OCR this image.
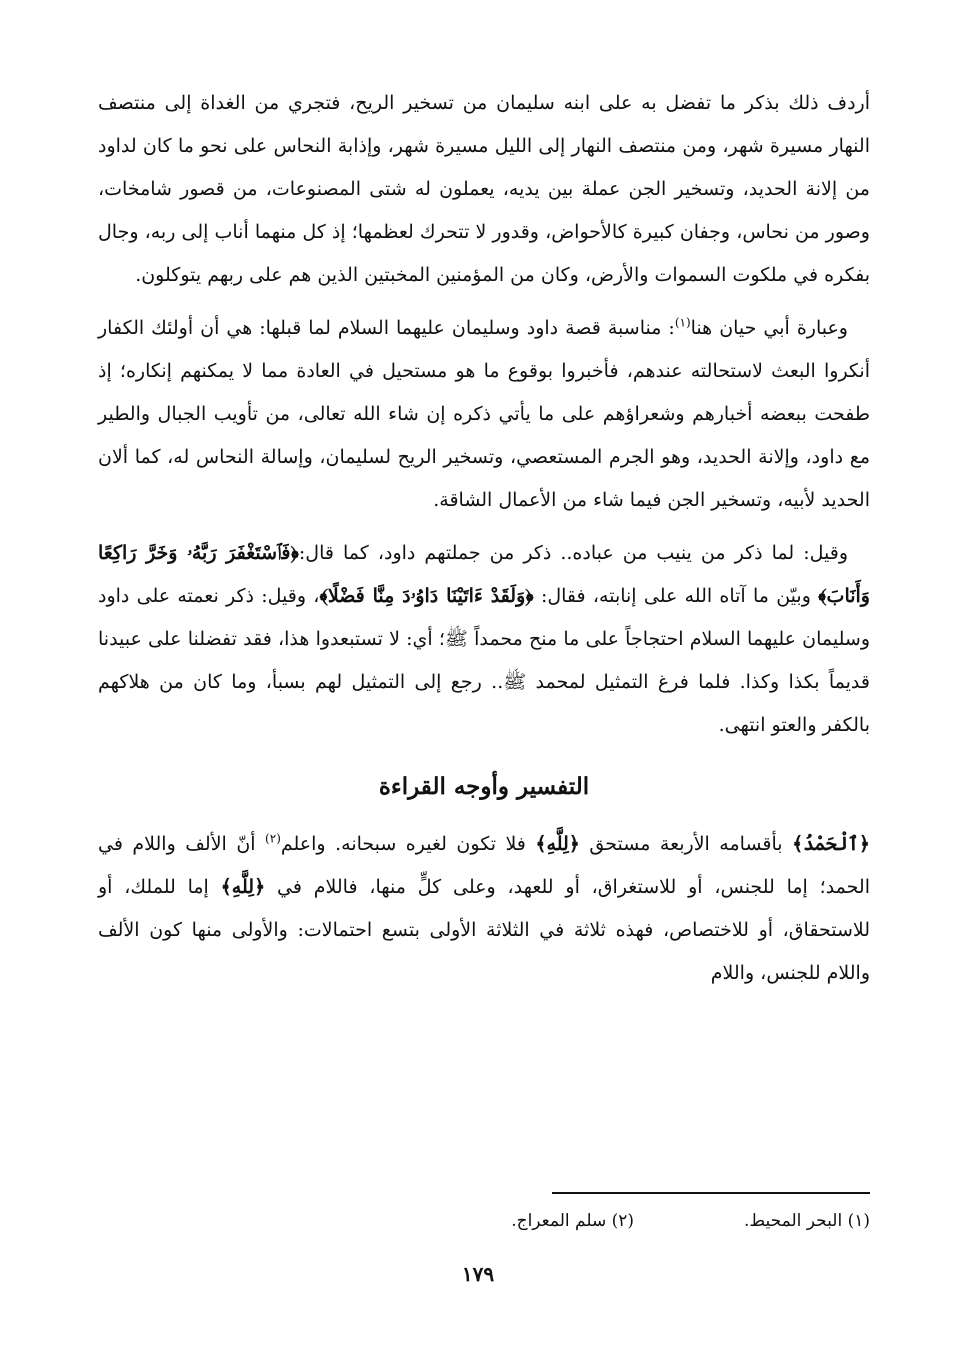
أردف ذلك بذكر ما تفضل به على ابنه سليمان من تسخير الريح، فتجري من الغداة إلى منتصف النهار مسيرة شهر، ومن منتصف النهار إلى الليل مسيرة شهر، وإذابة النحاس على نحو ما كان لداود من إلانة الحديد، وتسخير الجن عملة بين يديه، يعملون له شتى المصنوعات، من قصور شامخات، وصور من نحاس، وجفان كبيرة كالأحواض، وقدور لا تتحرك لعظمها؛ إذ كل منهما أناب إلى ربه، وجال بفكره في ملكوت السموات والأرض، وكان من المؤمنين المخبتين الذين هم على ربهم يتوكلون.

وعبارة أبي حيان هنا$^{(١)}$: مناسبة قصة داود وسليمان عليهما السلام لما قبلها: هي أن أولئك الكفار أنكروا البعث لاستحالته عندهم، فأخبروا بوقوع ما هو مستحيل في العادة مما لا يمكنهم إنكاره؛ إذ طفحت ببعضه أخبارهم وشعراؤهم على ما يأتي ذكره إن شاء الله تعالى، من تأويب الجبال والطير مع داود، وإلانة الحديد، وهو الجرم المستعصي، وتسخير الريح لسليمان، وإسالة النحاس له، كما ألان الحديد لأبيه، وتسخير الجن فيما شاء من الأعمال الشاقة.

وقيل: لما ذكر من ينيب من عباده.. ذكر من جملتهم داود، كما قال:﴿فَٱسْتَغْفَرَ رَبَّهُۥ وَخَرَّ رَاكِعًا وَأَنَابَ﴾ وبيّن ما آتاه الله على إنابته، فقال: ﴿وَلَقَدْ ءَاتَيْنَا دَاوُۥدَ مِنَّا فَضْلًا﴾، وقيل: ذكر نعمته على داود وسليمان عليهما السلام احتجاجاً على ما منح محمداً ﷺ؛ أي: لا تستبعدوا هذا، فقد تفضلنا على عبيدنا قديماً بكذا وكذا. فلما فرغ التمثيل لمحمد ﷺ.. رجع إلى التمثيل لهم بسبأ، وما كان من هلاكهم بالكفر والعتو انتهى.

التفسير وأوجه القراءة

﴿ٱلْحَمْدُ﴾ بأقسامه الأربعة مستحق ﴿لِلَّهِ﴾ فلا تكون لغيره سبحانه. واعلم$^{(٢)}$ أنّ الألف واللام في الحمد؛ إما للجنس، أو للاستغراق، أو للعهد، وعلى كلٍّ منها، فاللام في ﴿لِلَّهِ﴾ إما للملك، أو للاستحقاق، أو للاختصاص، فهذه ثلاثة في الثلاثة الأولى بتسع احتمالات: والأولى منها كون الألف واللام للجنس، واللام

(١) البحر المحيط.
(٢) سلم المعراج.
١٧٩
